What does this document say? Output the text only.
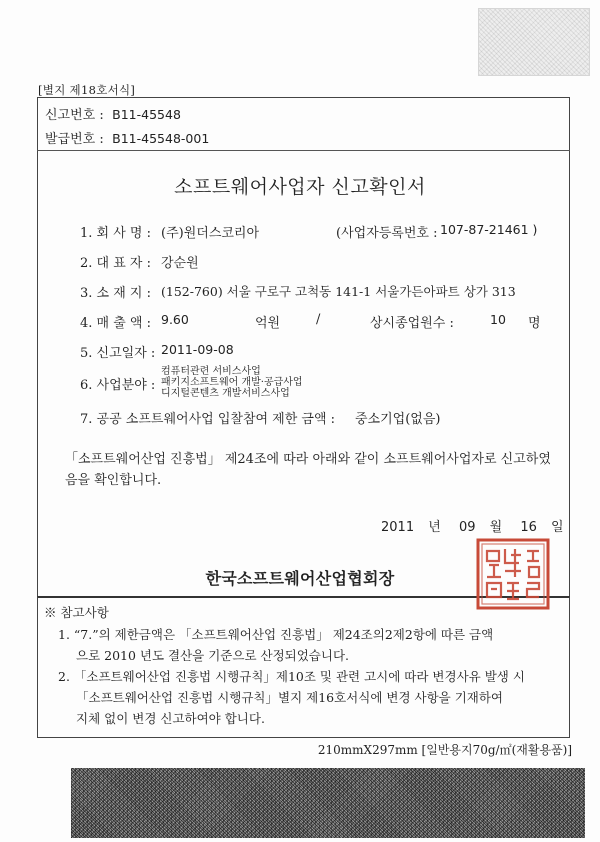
[별지 제18호서식]
신고번호 : B11-45548
발급번호 : B11-45548-001
소프트웨어사업자 신고확인서
1. 회 사 명 : (주)원더스코리아	(사업자등록번호 : 107-87-21461 )
2. 대 표 자 : 강순원
3. 소 재 지 : (152-760) 서울 구로구 고척동 141-1 서울가든아파트 상가 313
4. 매 출 액 : 9.60	억원	/	상시종업원수 :	10 명
5. 신고일자 : 2011-09-08
6. 사업분야 :
컴퓨터관련 서비스사업
패키지소프트웨어 개발·공급사업
디지털콘텐츠 개발서비스사업
7. 공공 소프트웨어사업 입찰참여 제한 금액 : 중소기업(없음)
「소프트웨어산업 진흥법」 제24조에 따라 아래와 같이 소프트웨어사업자로 신고하였
음을 확인합니다.
2011 년 09 월 16 일
한국소프트웨어산업협회장
※ 참고사항
1. “7.”의 제한금액은 「소프트웨어산업 진흥법」 제24조의2제2항에 따른 금액
으로 2010 년도 결산을 기준으로 산정되었습니다.
2. 「소프트웨어산업 진흥법 시행규칙」제10조 및 관련 고시에 따라 변경사유 발생 시
「소프트웨어산업 진흥법 시행규칙」별지 제16호서식에 변경 사항을 기재하여
지체 없이 변경 신고하여야 합니다.
210mmX297mm [일반용지70g/㎡(재활용품)]
